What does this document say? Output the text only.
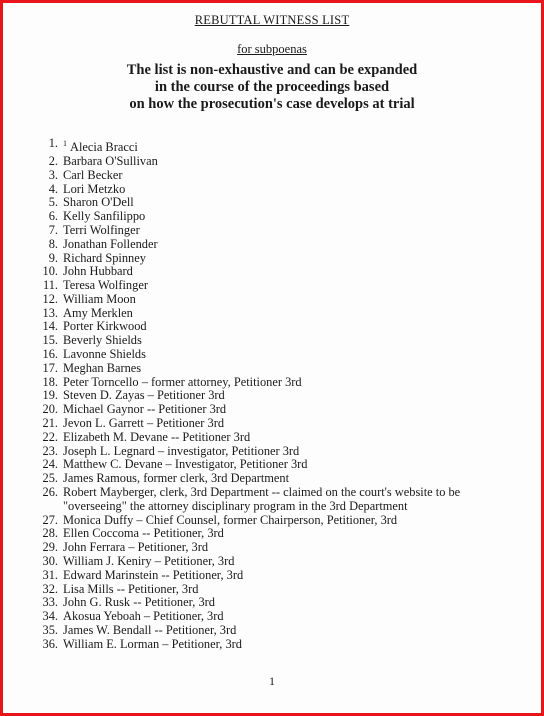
REBUTTAL WITNESS LIST
for subpoenas
The list is non-exhaustive and can be expanded
in the course of the proceedings based
on how the prosecution's case develops at trial
1. $^1$ Alecia Bracci
2. Barbara O'Sullivan
3. Carl Becker
4. Lori Metzko
5. Sharon O'Dell
6. Kelly Sanfilippo
7. Terri Wolfinger
8. Jonathan Follender
9. Richard Spinney
10. John Hubbard
11. Teresa Wolfinger
12. William Moon
13. Amy Merklen
14. Porter Kirkwood
15. Beverly Shields
16. Lavonne Shields
17. Meghan Barnes
18. Peter Torncello – former attorney, Petitioner 3rd
19. Steven D. Zayas – Petitioner 3rd
20. Michael Gaynor -- Petitioner 3rd
21. Jevon L. Garrett – Petitioner 3rd
22. Elizabeth M. Devane -- Petitioner 3rd
23. Joseph L. Legnard – investigator, Petitioner 3rd
24. Matthew C. Devane – Investigator, Petitioner 3rd
25. James Ramous, former clerk, 3rd Department
26. Robert Mayberger, clerk, 3rd Department -- claimed on the court's website to be "overseeing" the attorney disciplinary program in the 3rd Department
27. Monica Duffy – Chief Counsel, former Chairperson, Petitioner, 3rd
28. Ellen Coccoma -- Petitioner, 3rd
29. John Ferrara – Petitioner, 3rd
30. William J. Keniry – Petitioner, 3rd
31. Edward Marinstein -- Petitioner, 3rd
32. Lisa Mills -- Petitioner, 3rd
33. John G. Rusk -- Petitioner, 3rd
34. Akosua Yeboah – Petitioner, 3rd
35. James W. Bendall -- Petitioner, 3rd
36. William E. Lorman – Petitioner, 3rd
1
